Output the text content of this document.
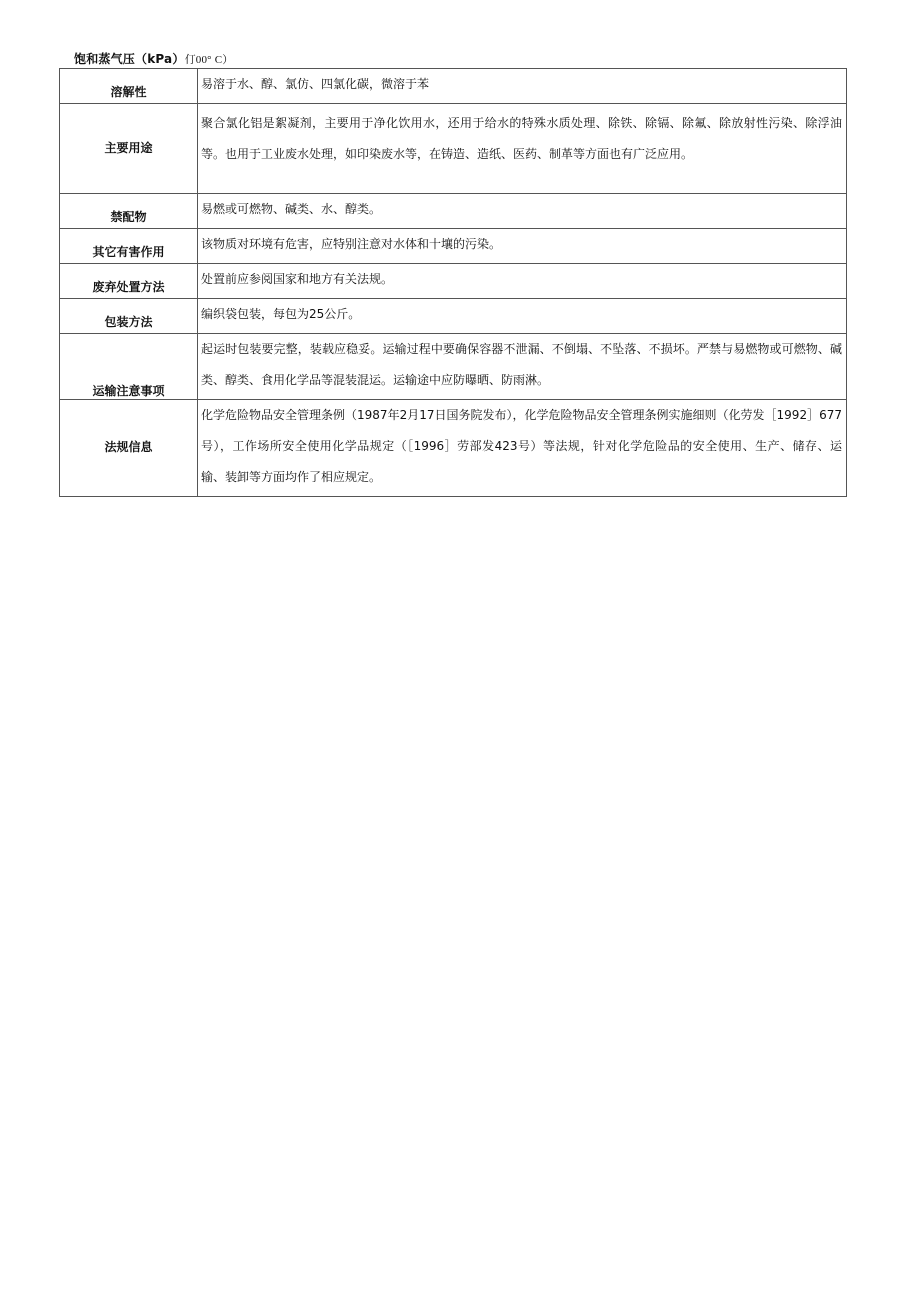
饱和蒸气压（kPa）仃00° C）
溶解性	易溶于水、醇、氯仿、四氯化碳，微溶于苯
主要用途	聚合氯化铝是絮凝剂，主要用于净化饮用水，还用于给水的特殊水质处理、除铁、除镉、除氟、除放射性污染、除浮油等。也用于工业废水处理，如印染废水等，在铸造、造纸、医药、制革等方面也有广泛应用。
禁配物	易燃或可燃物、碱类、水、醇类。
其它有害作用	该物质对环境有危害，应特别注意对水体和十壤的污染。
废弃处置方法	处置前应参阅国家和地方有关法规。
包装方法	编织袋包装，每包为25公斤。
运输注意事项	起运时包装要完整，装载应稳妥。运输过程中要确保容器不泄漏、不倒塌、不坠落、不损坏。严禁与易燃物或可燃物、碱类、醇类、食用化学品等混装混运。运输途中应防曝晒、防雨淋。
法规信息	化学危险物品安全管理条例（1987年2月17日国务院发布），化学危险物品安全管理条例实施细则（化劳发［1992］677号），工作场所安全使用化学品规定（［1996］劳部发423号）等法规，针对化学危险品的安全使用、生产、储存、运输、装卸等方面均作了相应规定。
